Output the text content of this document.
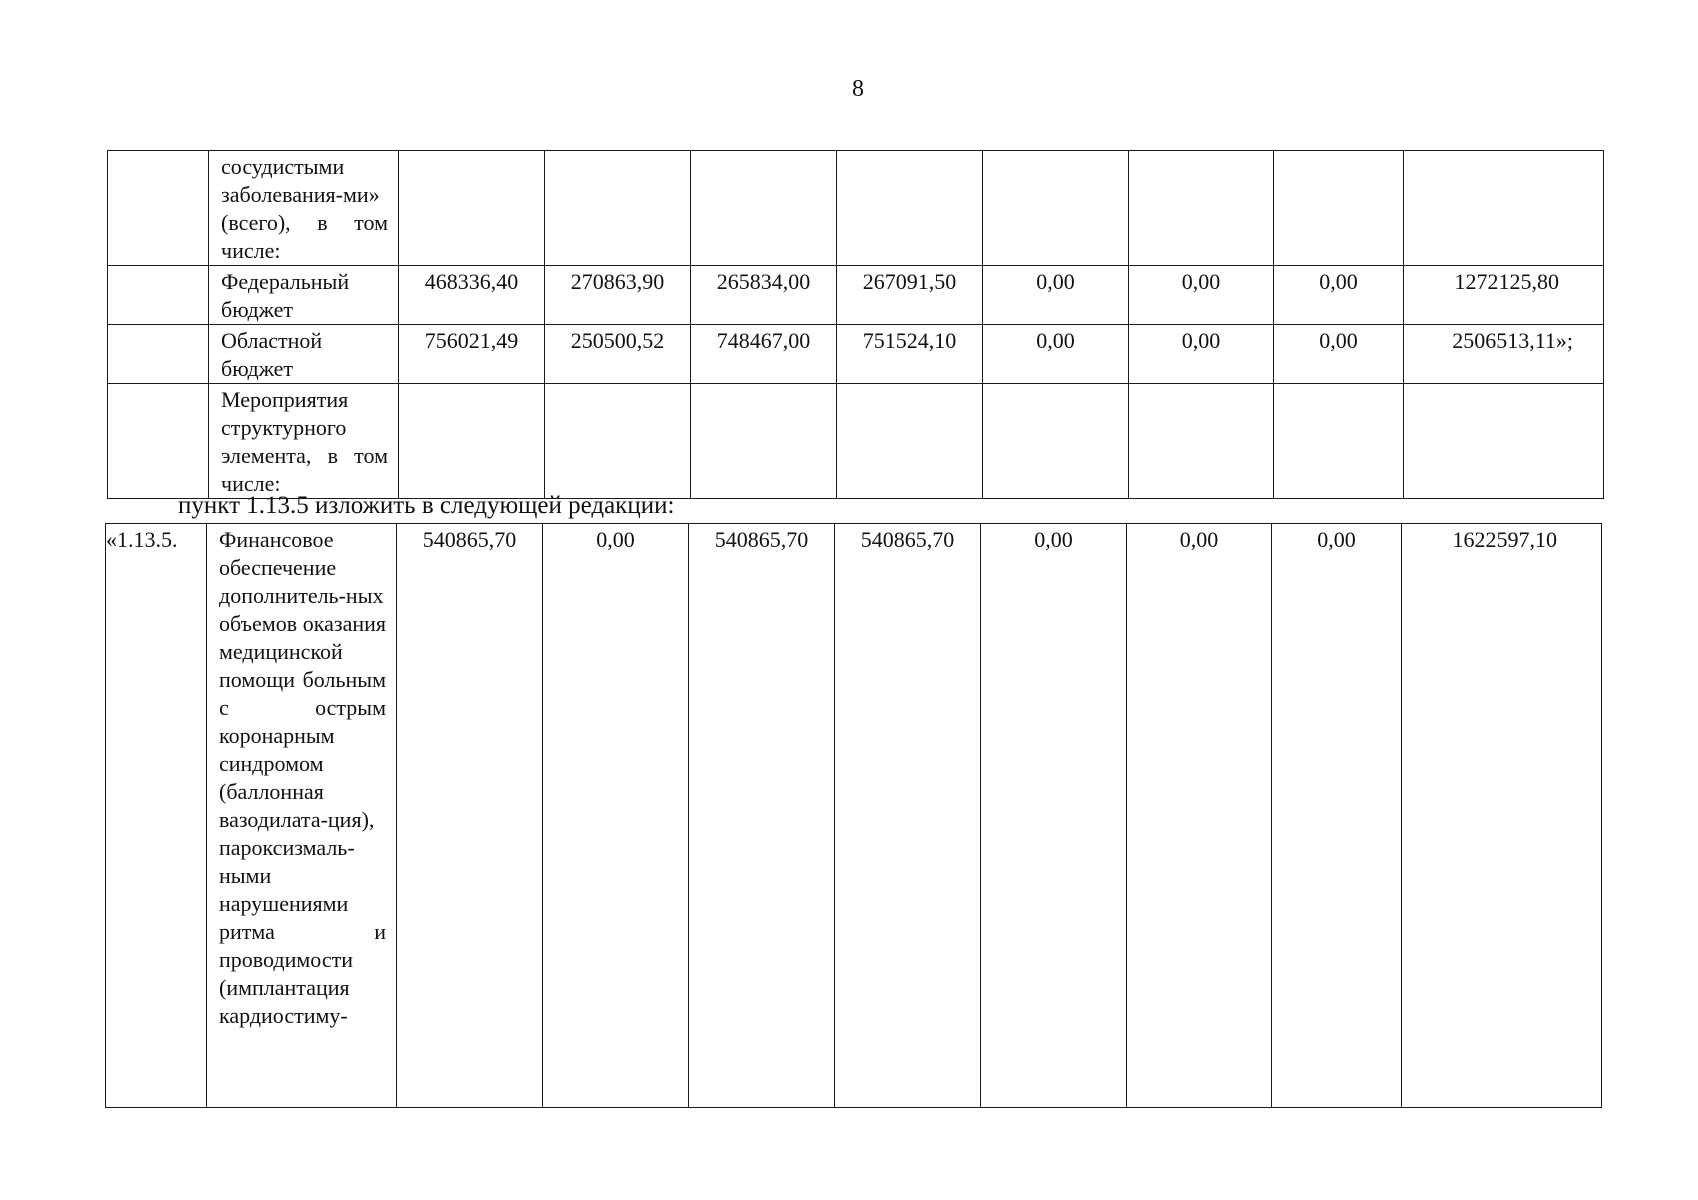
8
	сосудистыми заболевания-ми» (всего), в том числе:								
	Федеральный бюджет	468336,40	270863,90	265834,00	267091,50	0,00	0,00	0,00	1272125,80
	Областной бюджет	756021,49	250500,52	748467,00	751524,10	0,00	0,00	0,00	2506513,11»;
	Мероприятия структурного элемента, в том числе:								
пункт 1.13.5 изложить в следующей редакции:
«1.13.5.	Финансовое обеспечение дополнитель-ных объемов оказания медицинской помощи больным с острым коронарным синдромом (баллонная вазодилата-ция), пароксизмаль-ными нарушениями ритма и проводимости (имплантация кардиостиму-	540865,70	0,00	540865,70	540865,70	0,00	0,00	0,00	1622597,10
